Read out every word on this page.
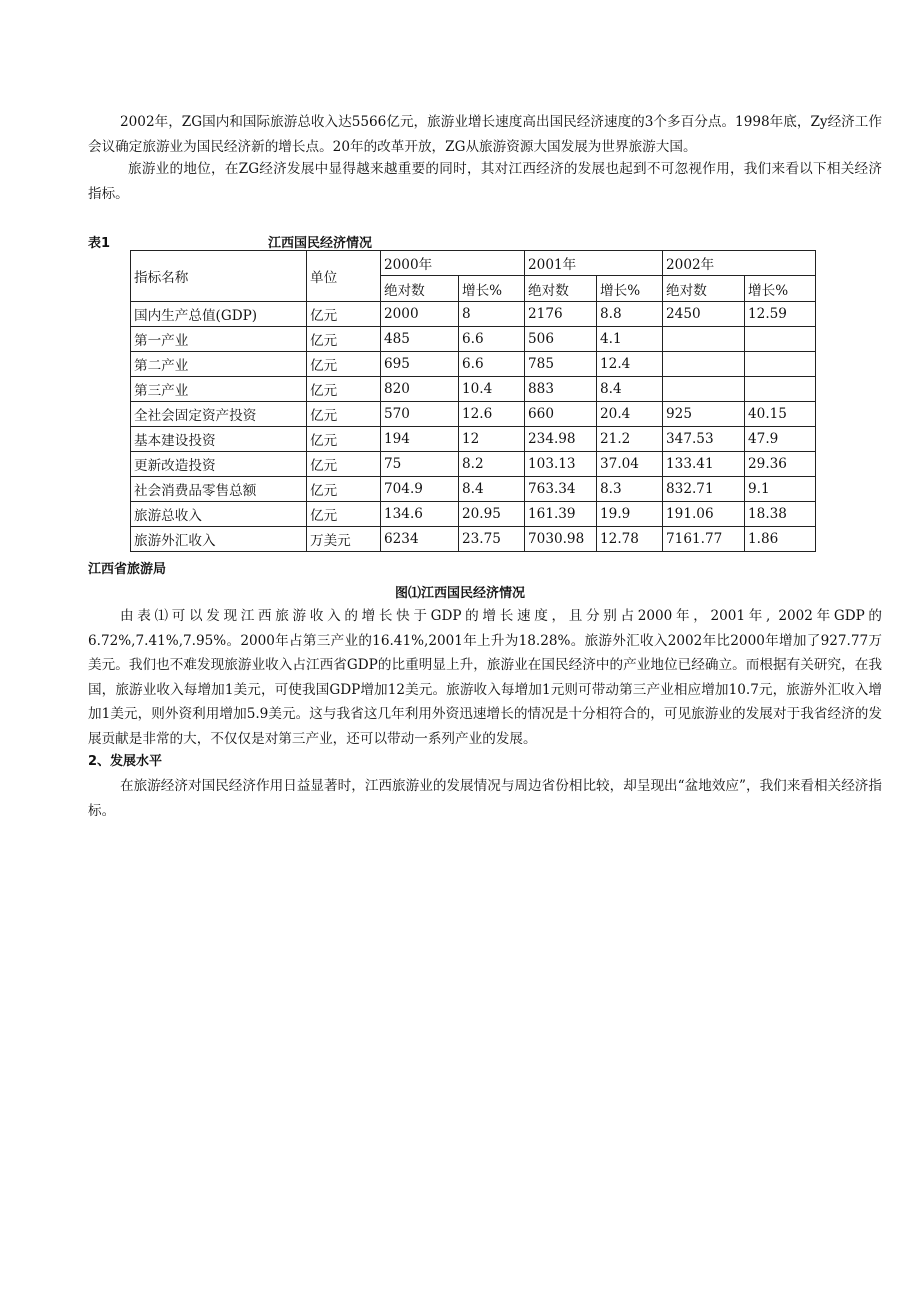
2002年，ZG国内和国际旅游总收入达5566亿元，旅游业增长速度高出国民经济速度的3个多百分点。1998年底，Zy经济工作会议确定旅游业为国民经济新的增长点。20年的改革开放，ZG从旅游资源大国发展为世界旅游大国。

旅游业的地位，在ZG经济发展中显得越来越重要的同时，其对江西经济的发展也起到不可忽视作用，我们来看以下相关经济指标。

表1	江西国民经济情况
指标名称	单位	2000年		2001年		2002年	
		绝对数	增长%	绝对数	增长%	绝对数	增长%
国内生产总值(GDP)	亿元	2000	8	2176	8.8	2450	12.59
第一产业	亿元	485	6.6	506	4.1		
第二产业	亿元	695	6.6	785	12.4		
第三产业	亿元	820	10.4	883	8.4		
全社会固定资产投资	亿元	570	12.6	660	20.4	925	40.15
基本建设投资	亿元	194	12	234.98	21.2	347.53	47.9
更新改造投资	亿元	75	8.2	103.13	37.04	133.41	29.36
社会消费品零售总额	亿元	704.9	8.4	763.34	8.3	832.71	9.1
旅游总收入	亿元	134.6	20.95	161.39	19.9	191.06	18.38
旅游外汇收入	万美元	6234	23.75	7030.98	12.78	7161.77	1.86
江西省旅游局
图⑴江西国民经济情况

由表⑴可以发现江西旅游收入的增长快于GDP的增长速度，且分别占2000年，2001年, 2002年GDP的6.72%,7.41%,7.95%。2000年占第三产业的16.41%,2001年上升为18.28%。旅游外汇收入2002年比2000年增加了927.77万美元。我们也不难发现旅游业收入占江西省GDP的比重明显上升，旅游业在国民经济中的产业地位已经确立。而根据有关研究，在我国，旅游业收入每增加1美元，可使我国GDP增加12美元。旅游收入每增加1元则可带动第三产业相应增加10.7元，旅游外汇收入增加1美元，则外资利用增加5.9美元。这与我省这几年利用外资迅速增长的情况是十分相符合的，可见旅游业的发展对于我省经济的发展贡献是非常的大，不仅仅是对第三产业，还可以带动一系列产业的发展。

2、发展水平

在旅游经济对国民经济作用日益显著时，江西旅游业的发展情况与周边省份相比较，却呈现出“盆地效应”，我们来看相关经济指标。
